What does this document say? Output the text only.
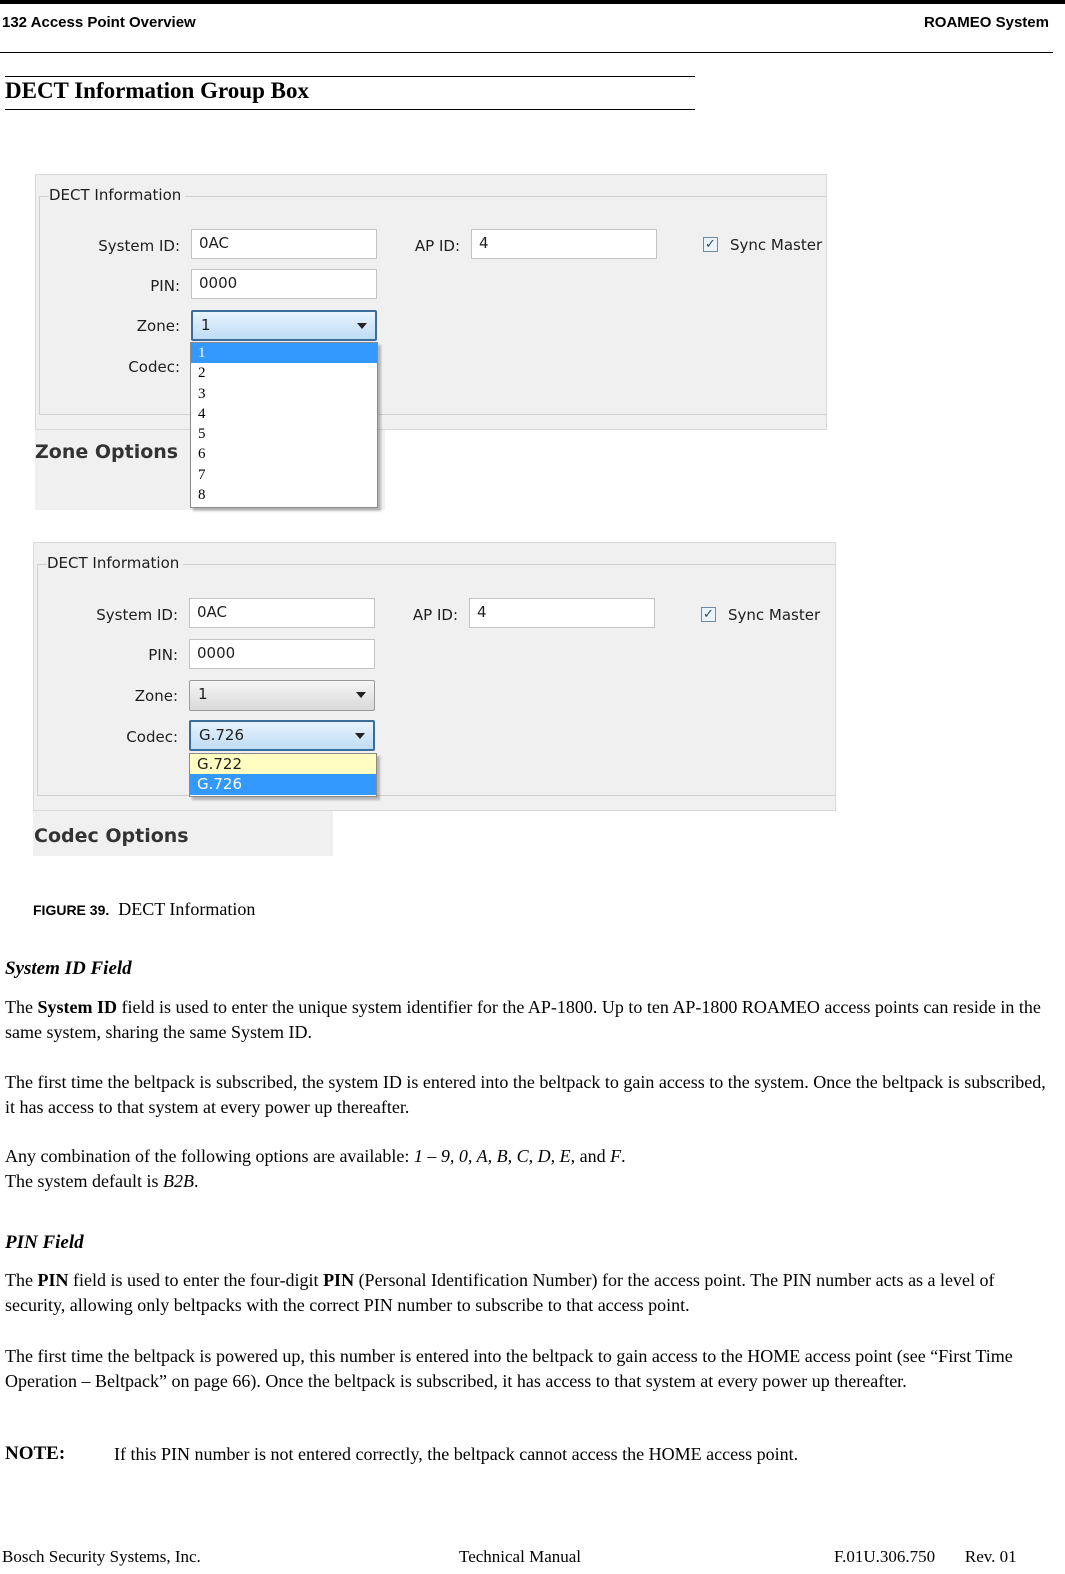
132 Access Point Overview	ROAMEO System
DECT Information Group Box
DECT Information
System ID:	0AC	AP ID:	4	✓ Sync Master
PIN:	0000
Zone:	1
Codec:
Zone Options
1
2
3
4
5
6
7
8
DECT Information
System ID:	0AC	AP ID:	4	✓ Sync Master
PIN:	0000
Zone:	1
Codec:	G.726
G.722
G.726
Codec Options
FIGURE 39. DECT Information
System ID Field
The System ID field is used to enter the unique system identifier for the AP-1800. Up to ten AP-1800 ROAMEO access points can reside in the same system, sharing the same System ID.
The first time the beltpack is subscribed, the system ID is entered into the beltpack to gain access to the system. Once the beltpack is subscribed, it has access to that system at every power up thereafter.
Any combination of the following options are available: 1 – 9, 0, A, B, C, D, E, and F.
The system default is B2B.
PIN Field
The PIN field is used to enter the four-digit PIN (Personal Identification Number) for the access point. The PIN number acts as a level of security, allowing only beltpacks with the correct PIN number to subscribe to that access point.
The first time the beltpack is powered up, this number is entered into the beltpack to gain access to the HOME access point (see “First Time Operation – Beltpack” on page 66). Once the beltpack is subscribed, it has access to that system at every power up thereafter.
NOTE:	If this PIN number is not entered correctly, the beltpack cannot access the HOME access point.
Bosch Security Systems, Inc.	Technical Manual	F.01U.306.750       Rev. 01
